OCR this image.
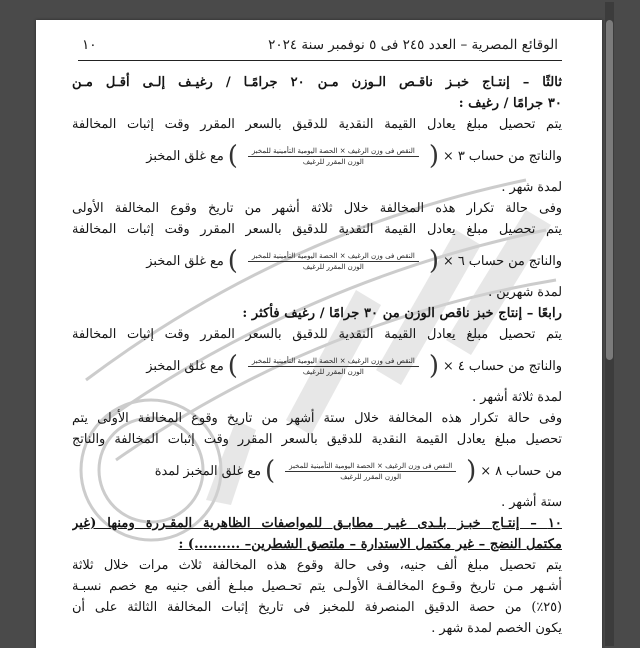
١٠	الوقائع المصرية – العدد ٢٤٥ فى ٥ نوفمبر سنة ٢٠٢٤
ثالثًا – إنتـاج خبـز ناقـص الـوزن مـن ٢٠ جرامًـا / رغيـف إلـى أقـل مـن
٣٠ جرامًا / رغيف :
يتم تحصيل مبلغ يعادل القيمة النقدية للدقيق بالسعر المقرر وقت إثبات المخالفة
والناتج من حساب ٣ ×
(
$\frac{\text{النقص فى وزن الرغيف × الحصة اليومية التأمينية للمخبز}}{\text{الوزن المقرر للرغيف}}$
)
مع غلق المخبز
لمدة شهر .
وفى حالة تكرار هذه المخالفة خلال ثلاثة أشهر من تاريخ وقوع المخالفة الأولى
يتم تحصيل مبلغ يعادل القيمة النقدية للدقيق بالسعر المقرر وقت إثبات المخالفة
والناتج من حساب ٦ ×
(
$\frac{\text{النقص فى وزن الرغيف × الحصة اليومية التأمينية للمخبز}}{\text{الوزن المقرر للرغيف}}$
)
مع غلق المخبز
لمدة شهرين .
رابعًا – إنتاج خبز ناقص الوزن من ٣٠ جرامًا / رغيف فأكثر :
يتم تحصيل مبلغ يعادل القيمة النقدية للدقيق بالسعر المقرر وقت إثبات المخالفة
والناتج من حساب ٤ ×
(
$\frac{\text{النقص فى وزن الرغيف × الحصة اليومية التأمينية للمخبز}}{\text{الوزن المقرر للرغيف}}$
)
مع غلق المخبز
لمدة ثلاثة أشهر .
وفى حالة تكرار هذه المخالفة خلال ستة أشهر من تاريخ وقوع المخالفة الأولى يتم
تحصيل مبلغ يعادل القيمة النقدية للدقيق بالسعر المقرر وقت إثبات المخالفة والناتج
من حساب ٨ ×
(
$\frac{\text{النقص فى وزن الرغيف × الحصة اليومية التأمينية للمخبز}}{\text{الوزن المقرر للرغيف}}$
)
مع غلق المخبز لمدة
ستة أشهر .
١٠ – إنتـاج خبـز بلـدى غيـر مطابـق للمواصفات الظاهرية المقـررة ومنها (غير
مكتمل النضج – غير مكتمل الاستدارة – ملتصق الشطرين– ..........) :
يتم تحصيل مبلغ ألف جنيه، وفى حالة وقوع هذه المخالفة ثلاث مرات خلال ثلاثة
أشـهر مـن تاريخ وقـوع المخالفـة الأولـى يتم تحـصيل مبلـغ ألفى جنيه مع خصم نسبـة
(٢٥٪) من حصة الدقيق المنصرفة للمخبز فى تاريخ إثبات المخالفة الثالثة على أن
يكون الخصم لمدة شهر .
